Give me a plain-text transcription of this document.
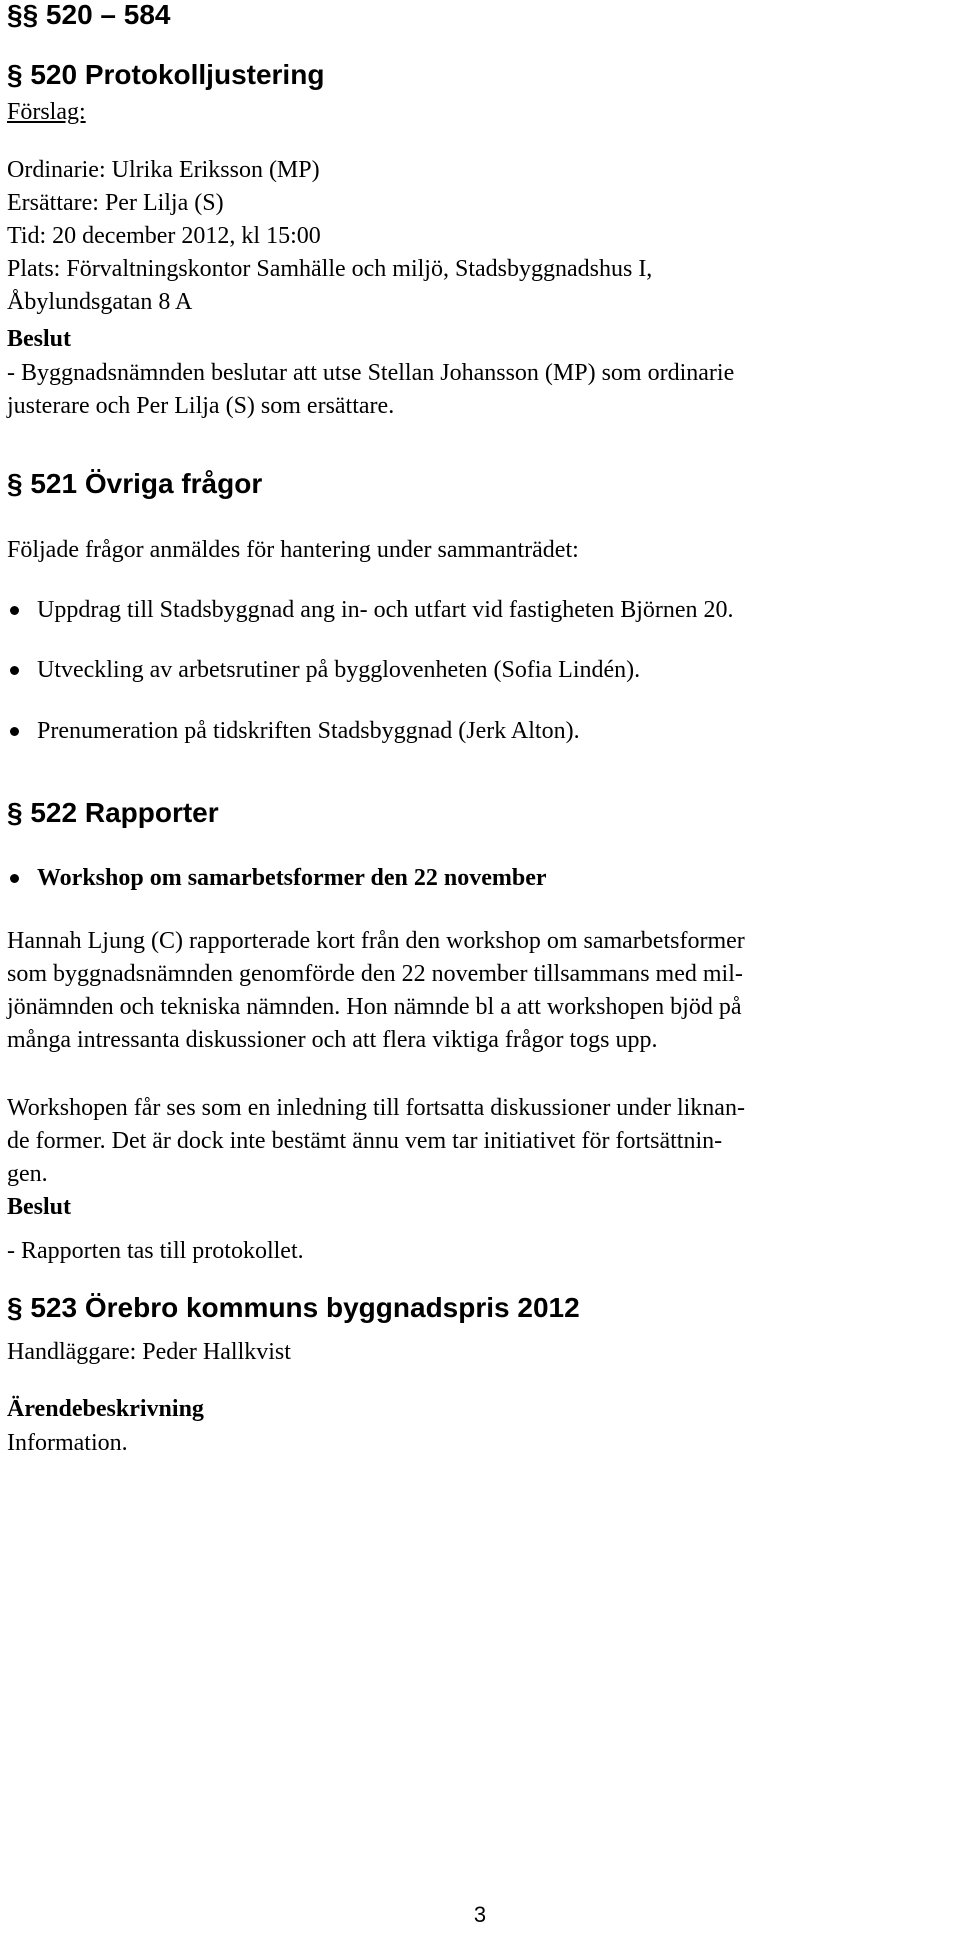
§§ 520 – 584
§ 520 Protokolljustering
Förslag:
Ordinarie: Ulrika Eriksson (MP)
Ersättare: Per Lilja (S)
Tid: 20 december 2012, kl 15:00
Plats: Förvaltningskontor Samhälle och miljö, Stadsbyggnadshus I,
Åbylundsgatan 8 A
Beslut
- Byggnadsnämnden beslutar att utse Stellan Johansson (MP) som ordinarie
justerare och Per Lilja (S) som ersättare.
§ 521 Övriga frågor
Följade frågor anmäldes för hantering under sammanträdet:
Uppdrag till Stadsbyggnad ang in- och utfart vid fastigheten Björnen 20.
Utveckling av arbetsrutiner på bygglovenheten (Sofia Lindén).
Prenumeration på tidskriften Stadsbyggnad (Jerk Alton).
§ 522 Rapporter
Workshop om samarbetsformer den 22 november
Hannah Ljung (C) rapporterade kort från den workshop om samarbetsformer
som byggnadsnämnden genomförde den 22 november tillsammans med mil-
jönämnden och tekniska nämnden. Hon nämnde bl a att workshopen bjöd på
många intressanta diskussioner och att flera viktiga frågor togs upp.
Workshopen får ses som en inledning till fortsatta diskussioner under liknan-
de former. Det är dock inte bestämt ännu vem tar initiativet för fortsättnin-
gen.
Beslut
- Rapporten tas till protokollet.
§ 523 Örebro kommuns byggnadspris 2012
Handläggare: Peder Hallkvist
Ärendebeskrivning
Information.
3
